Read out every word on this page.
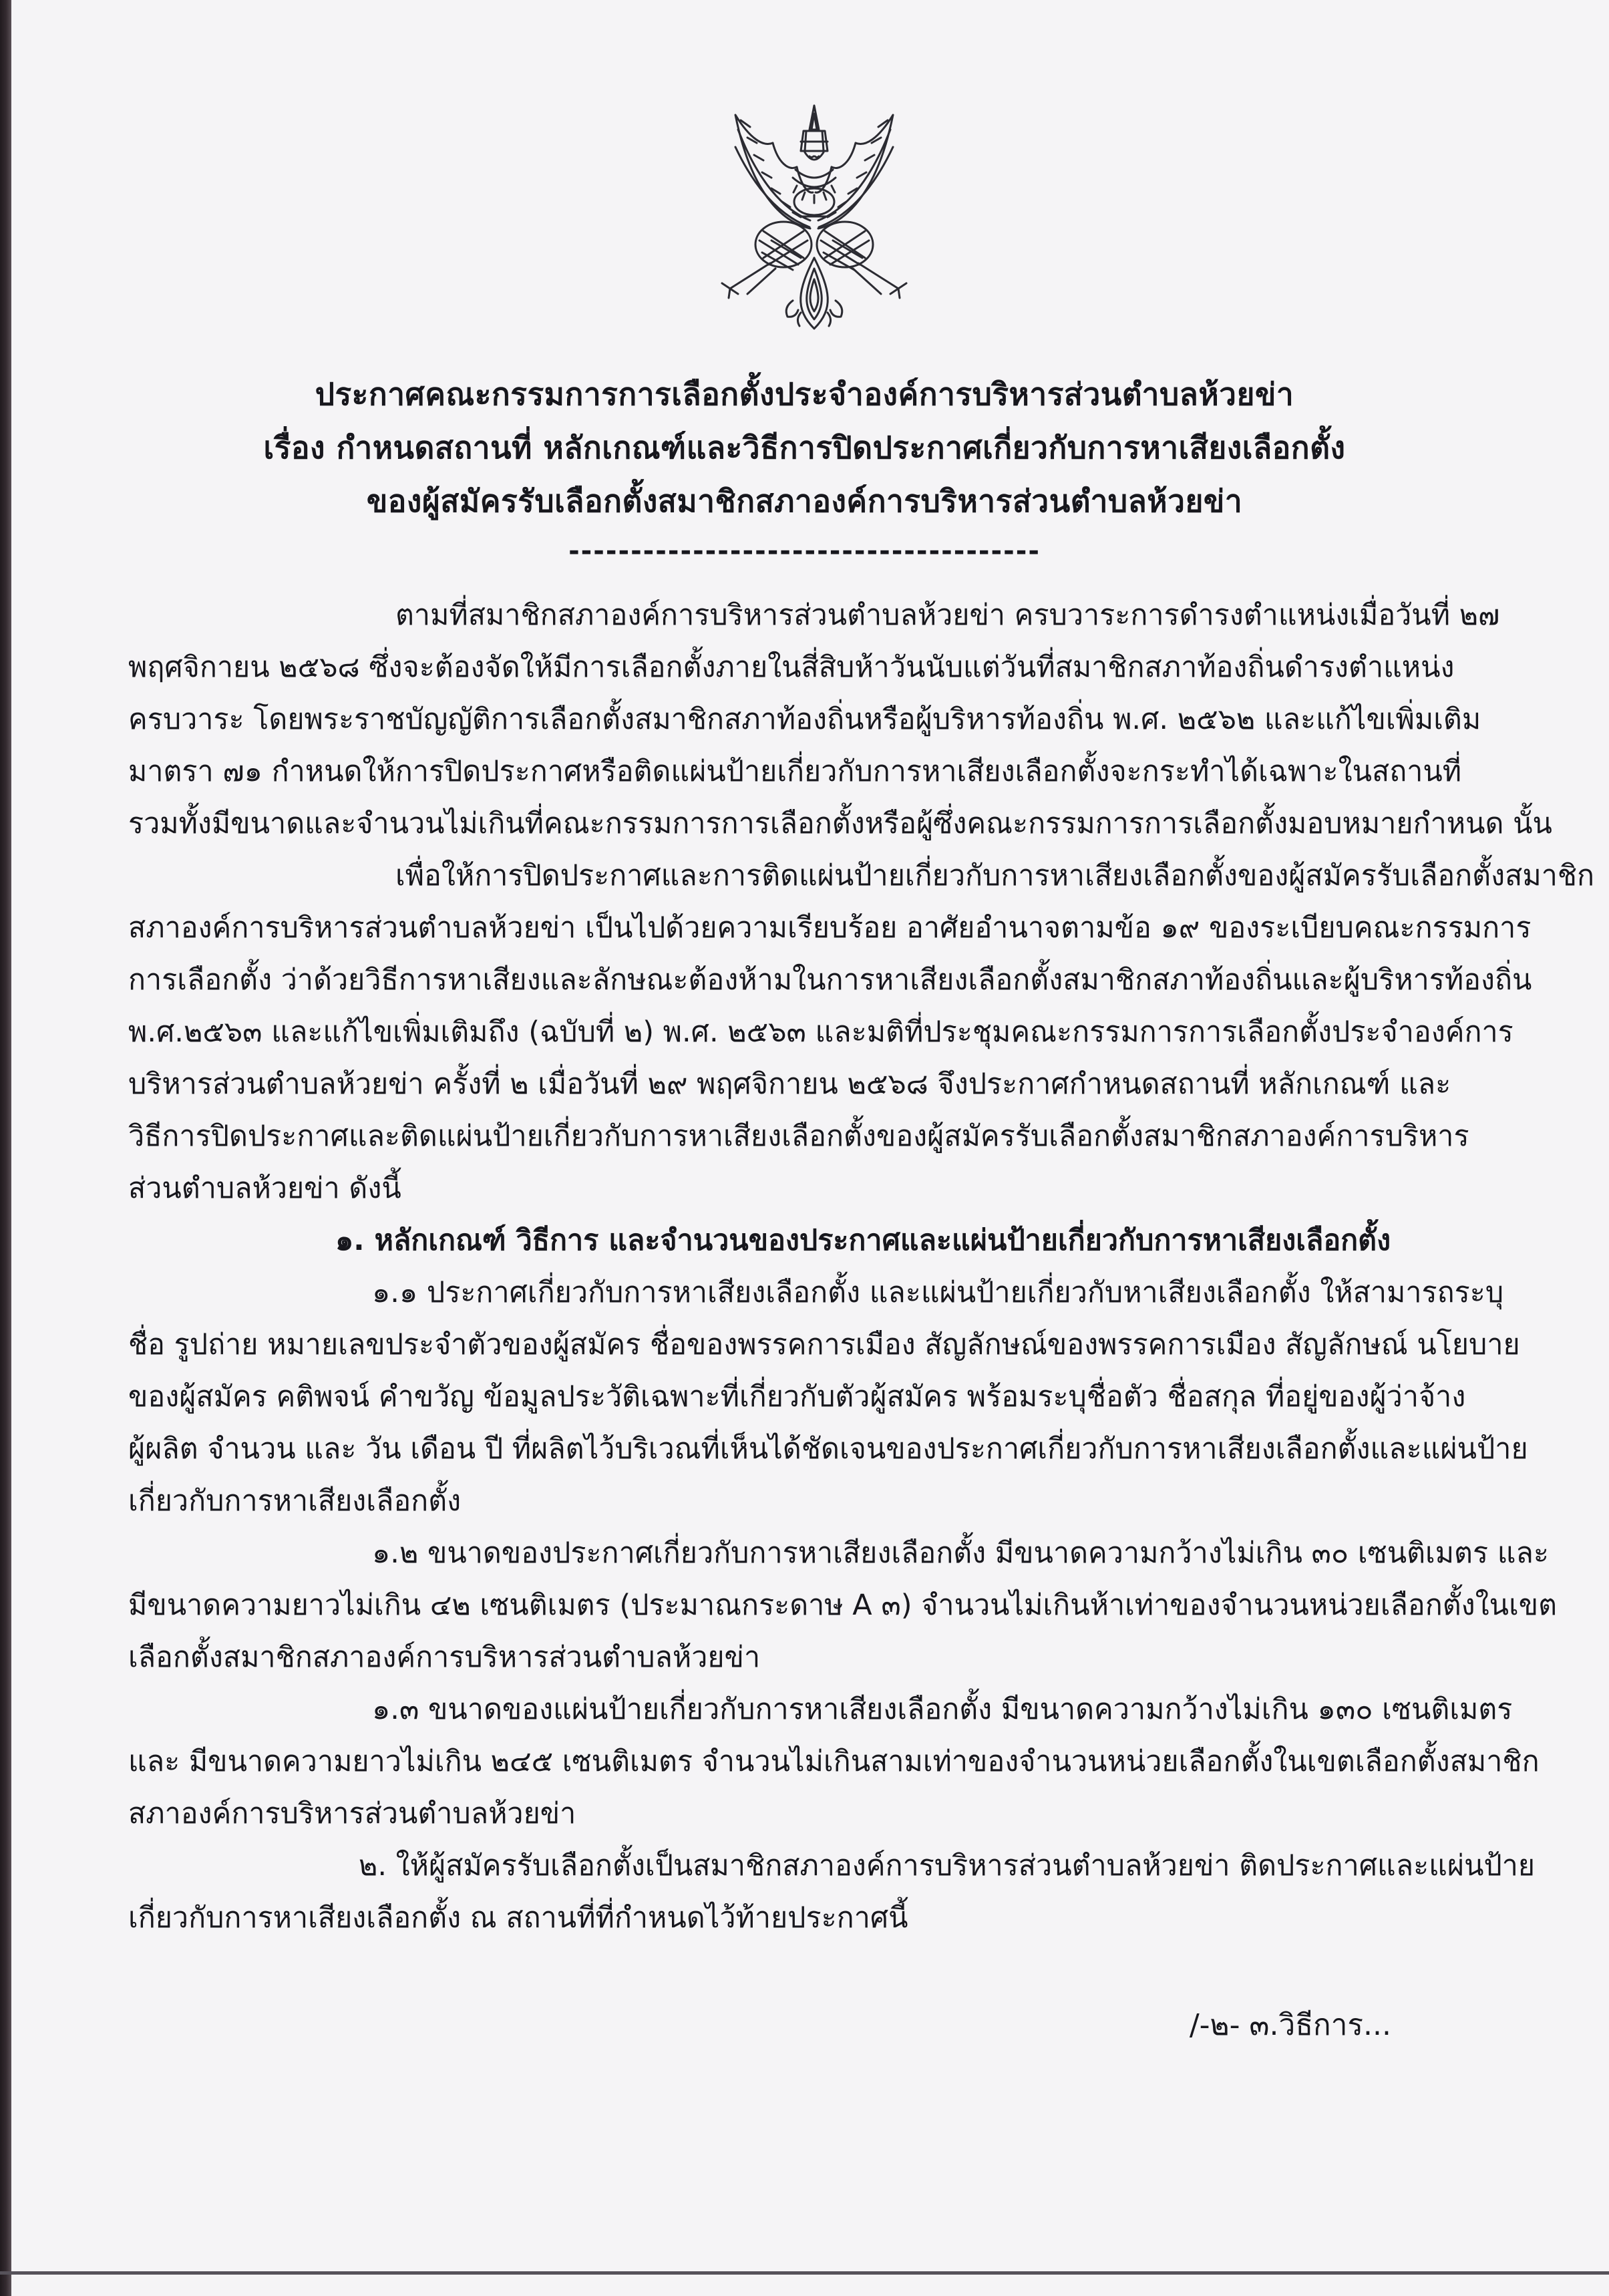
ประกาศคณะกรรมการการเลือกตั้งประจำองค์การบริหารส่วนตำบลห้วยข่า
เรื่อง กำหนดสถานที่ หลักเกณฑ์และวิธีการปิดประกาศเกี่ยวกับการหาเสียงเลือกตั้ง
ของผู้สมัครรับเลือกตั้งสมาชิกสภาองค์การบริหารส่วนตำบลห้วยข่า
--------------------------------------
ตามที่สมาชิกสภาองค์การบริหารส่วนตำบลห้วยข่า ครบวาระการดำรงตำแหน่งเมื่อวันที่ ๒๗
พฤศจิกายน ๒๕๖๘ ซึ่งจะต้องจัดให้มีการเลือกตั้งภายในสี่สิบห้าวันนับแต่วันที่สมาชิกสภาท้องถิ่นดำรงตำแหน่ง
ครบวาระ โดยพระราชบัญญัติการเลือกตั้งสมาชิกสภาท้องถิ่นหรือผู้บริหารท้องถิ่น พ.ศ. ๒๕๖๒ และแก้ไขเพิ่มเติม
มาตรา ๗๑ กำหนดให้การปิดประกาศหรือติดแผ่นป้ายเกี่ยวกับการหาเสียงเลือกตั้งจะกระทำได้เฉพาะในสถานที่
รวมทั้งมีขนาดและจำนวนไม่เกินที่คณะกรรมการการเลือกตั้งหรือผู้ซึ่งคณะกรรมการการเลือกตั้งมอบหมายกำหนด นั้น
เพื่อให้การปิดประกาศและการติดแผ่นป้ายเกี่ยวกับการหาเสียงเลือกตั้งของผู้สมัครรับเลือกตั้งสมาชิก
สภาองค์การบริหารส่วนตำบลห้วยข่า เป็นไปด้วยความเรียบร้อย อาศัยอำนาจตามข้อ ๑๙ ของระเบียบคณะกรรมการ
การเลือกตั้ง ว่าด้วยวิธีการหาเสียงและลักษณะต้องห้ามในการหาเสียงเลือกตั้งสมาชิกสภาท้องถิ่นและผู้บริหารท้องถิ่น
พ.ศ.๒๕๖๓ และแก้ไขเพิ่มเติมถึง (ฉบับที่ ๒) พ.ศ. ๒๕๖๓ และมติที่ประชุมคณะกรรมการการเลือกตั้งประจำองค์การ
บริหารส่วนตำบลห้วยข่า ครั้งที่ ๒ เมื่อวันที่ ๒๙ พฤศจิกายน ๒๕๖๘ จึงประกาศกำหนดสถานที่ หลักเกณฑ์ และ
วิธีการปิดประกาศและติดแผ่นป้ายเกี่ยวกับการหาเสียงเลือกตั้งของผู้สมัครรับเลือกตั้งสมาชิกสภาองค์การบริหาร
ส่วนตำบลห้วยข่า ดังนี้
๑. หลักเกณฑ์ วิธีการ และจำนวนของประกาศและแผ่นป้ายเกี่ยวกับการหาเสียงเลือกตั้ง
๑.๑ ประกาศเกี่ยวกับการหาเสียงเลือกตั้ง และแผ่นป้ายเกี่ยวกับหาเสียงเลือกตั้ง ให้สามารถระบุ
ชื่อ รูปถ่าย หมายเลขประจำตัวของผู้สมัคร ชื่อของพรรคการเมือง สัญลักษณ์ของพรรคการเมือง สัญลักษณ์ นโยบาย
ของผู้สมัคร คติพจน์ คำขวัญ ข้อมูลประวัติเฉพาะที่เกี่ยวกับตัวผู้สมัคร พร้อมระบุชื่อตัว ชื่อสกุล ที่อยู่ของผู้ว่าจ้าง
ผู้ผลิต จำนวน และ วัน เดือน ปี ที่ผลิตไว้บริเวณที่เห็นได้ชัดเจนของประกาศเกี่ยวกับการหาเสียงเลือกตั้งและแผ่นป้าย
เกี่ยวกับการหาเสียงเลือกตั้ง
๑.๒ ขนาดของประกาศเกี่ยวกับการหาเสียงเลือกตั้ง มีขนาดความกว้างไม่เกิน ๓๐ เซนติเมตร และ
มีขนาดความยาวไม่เกิน ๔๒ เซนติเมตร (ประมาณกระดาษ A ๓) จำนวนไม่เกินห้าเท่าของจำนวนหน่วยเลือกตั้งในเขต
เลือกตั้งสมาชิกสภาองค์การบริหารส่วนตำบลห้วยข่า
๑.๓ ขนาดของแผ่นป้ายเกี่ยวกับการหาเสียงเลือกตั้ง มีขนาดความกว้างไม่เกิน ๑๓๐ เซนติเมตร
และ มีขนาดความยาวไม่เกิน ๒๔๕ เซนติเมตร จำนวนไม่เกินสามเท่าของจำนวนหน่วยเลือกตั้งในเขตเลือกตั้งสมาชิก
สภาองค์การบริหารส่วนตำบลห้วยข่า
๒. ให้ผู้สมัครรับเลือกตั้งเป็นสมาชิกสภาองค์การบริหารส่วนตำบลห้วยข่า ติดประกาศและแผ่นป้าย
เกี่ยวกับการหาเสียงเลือกตั้ง ณ สถานที่ที่กำหนดไว้ท้ายประกาศนี้
/-๒- ๓.วิธีการ...
